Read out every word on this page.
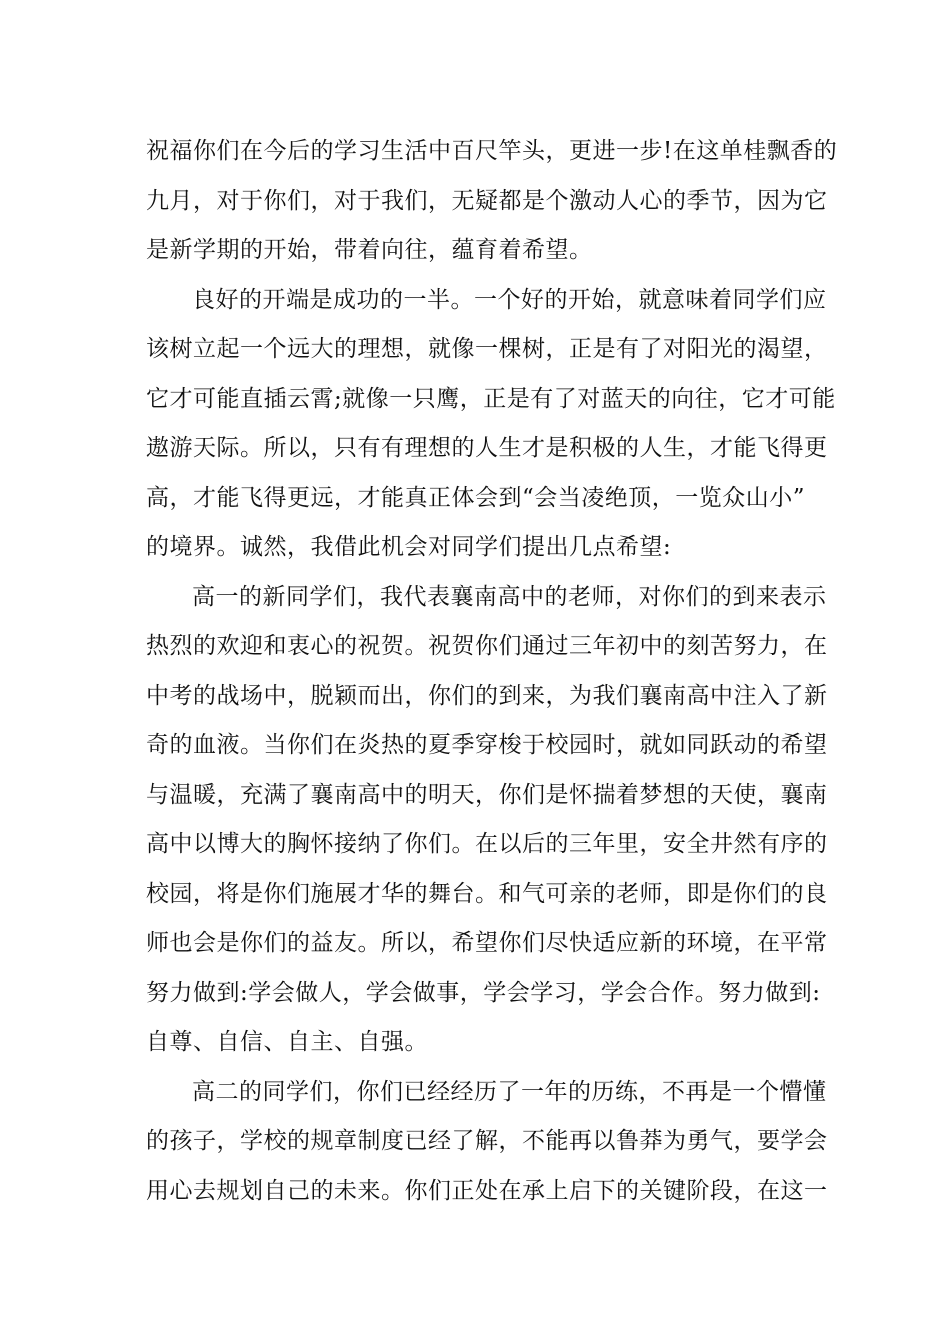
祝福你们在今后的学习生活中百尺竿头，更进一步!在这单桂飘香的
九月，对于你们，对于我们，无疑都是个激动人心的季节，因为它
是新学期的开始，带着向往，蕴育着希望。
良好的开端是成功的一半。一个好的开始，就意味着同学们应
该树立起一个远大的理想，就像一棵树，正是有了对阳光的渴望，
它才可能直插云霄;就像一只鹰，正是有了对蓝天的向往，它才可能
遨游天际。所以，只有有理想的人生才是积极的人生，才能飞得更
高，才能飞得更远，才能真正体会到“会当凌绝顶，一览众山小”
的境界。诚然，我借此机会对同学们提出几点希望:
高一的新同学们，我代表襄南高中的老师，对你们的到来表示
热烈的欢迎和衷心的祝贺。祝贺你们通过三年初中的刻苦努力，在
中考的战场中，脱颖而出，你们的到来，为我们襄南高中注入了新
奇的血液。当你们在炎热的夏季穿梭于校园时，就如同跃动的希望
与温暖，充满了襄南高中的明天，你们是怀揣着梦想的天使，襄南
高中以博大的胸怀接纳了你们。在以后的三年里，安全井然有序的
校园，将是你们施展才华的舞台。和气可亲的老师，即是你们的良
师也会是你们的益友。所以，希望你们尽快适应新的环境，在平常
努力做到:学会做人，学会做事，学会学习，学会合作。努力做到:
自尊、自信、自主、自强。
高二的同学们，你们已经经历了一年的历练，不再是一个懵懂
的孩子，学校的规章制度已经了解，不能再以鲁莽为勇气，要学会
用心去规划自己的未来。你们正处在承上启下的关键阶段，在这一
